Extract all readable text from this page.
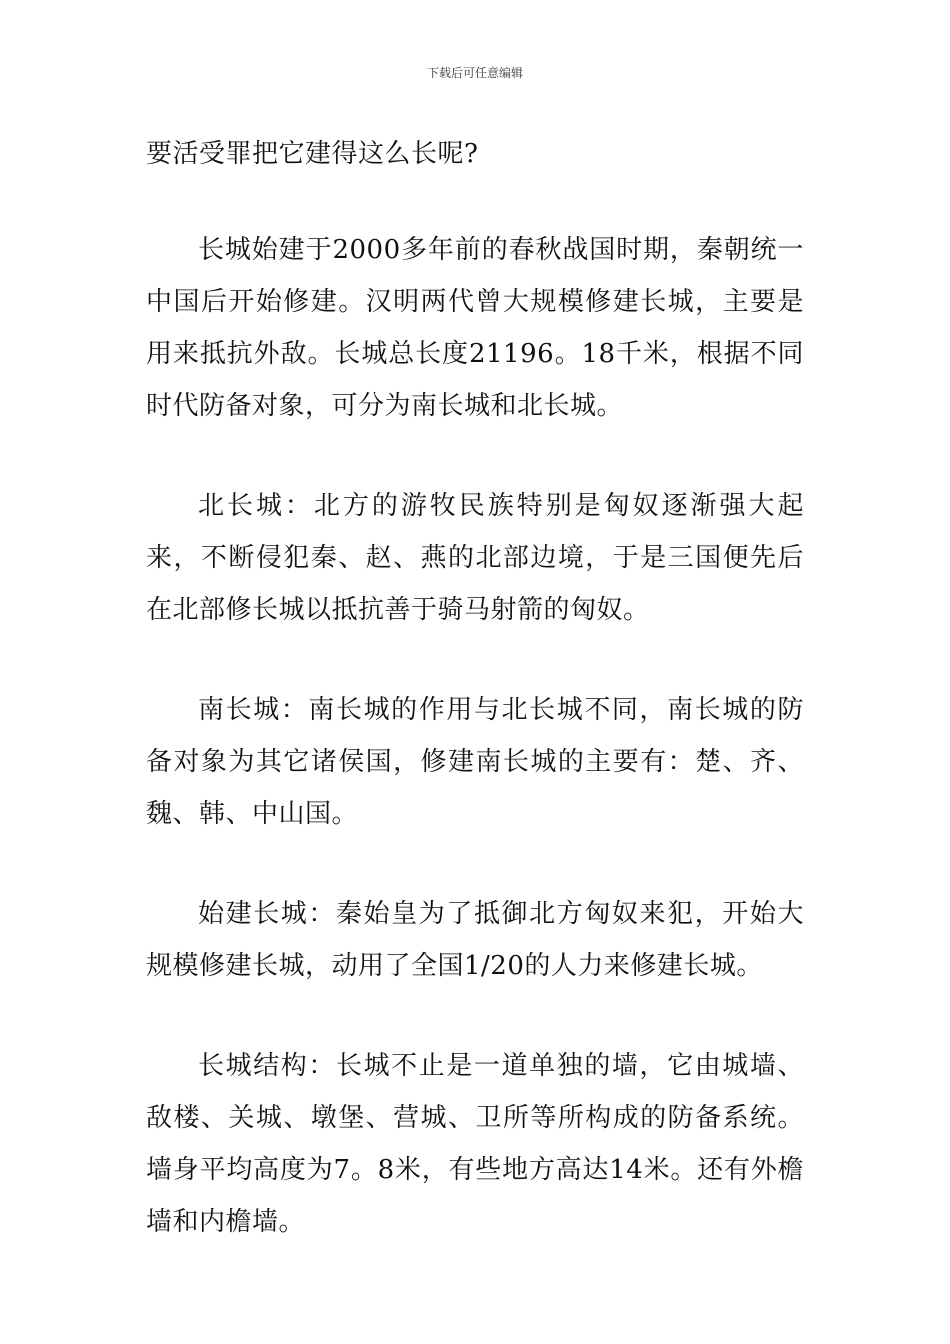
下载后可任意编辑

要活受罪把它建得这么长呢?

长城始建于2000多年前的春秋战国时期，秦朝统一中国后开始修建。汉明两代曾大规模修建长城，主要是用来抵抗外敌。长城总长度21196。18千米，根据不同时代防备对象，可分为南长城和北长城。

北长城：北方的游牧民族特别是匈奴逐渐强大起来，不断侵犯秦、赵、燕的北部边境，于是三国便先后在北部修长城以抵抗善于骑马射箭的匈奴。

南长城：南长城的作用与北长城不同，南长城的防备对象为其它诸侯国，修建南长城的主要有：楚、齐、魏、韩、中山国。

始建长城：秦始皇为了抵御北方匈奴来犯，开始大规模修建长城，动用了全国1/20的人力来修建长城。

长城结构：长城不止是一道单独的墙，它由城墙、敌楼、关城、墩堡、营城、卫所等所构成的防备系统。墙身平均高度为7。8米，有些地方高达14米。还有外檐墙和内檐墙。
